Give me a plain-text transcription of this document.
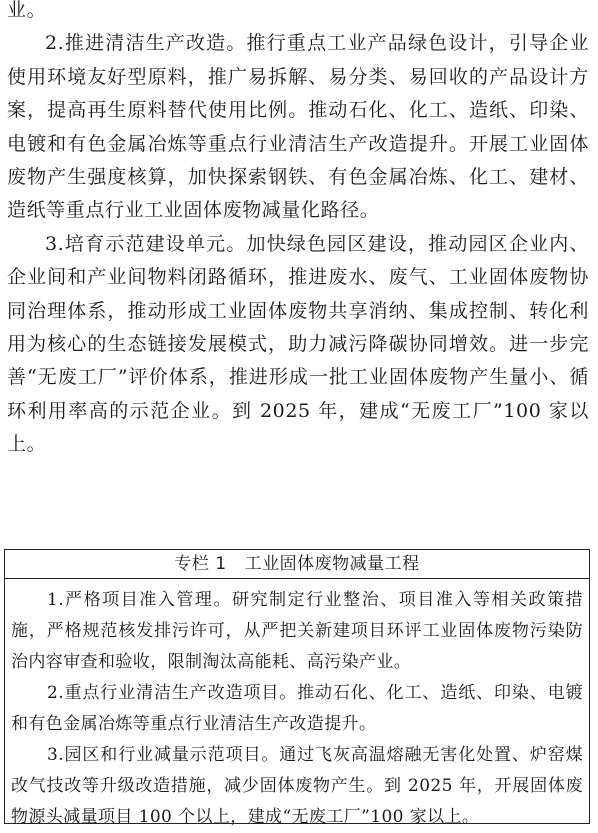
业。

2.推进清洁生产改造。推行重点工业产品绿色设计，引导企业使用环境友好型原料，推广易拆解、易分类、易回收的产品设计方案，提高再生原料替代使用比例。推动石化、化工、造纸、印染、电镀和有色金属冶炼等重点行业清洁生产改造提升。开展工业固体废物产生强度核算，加快探索钢铁、有色金属冶炼、化工、建材、造纸等重点行业工业固体废物减量化路径。

3.培育示范建设单元。加快绿色园区建设，推动园区企业内、企业间和产业间物料闭路循环，推进废水、废气、工业固体废物协同治理体系，推动形成工业固体废物共享消纳、集成控制、转化利用为核心的生态链接发展模式，助力减污降碳协同增效。进一步完善“无废工厂”评价体系，推进形成一批工业固体废物产生量小、循环利用率高的示范企业。到 2025 年，建成“无废工厂”100 家以上。

专栏 1 工业固体废物减量工程

1.严格项目准入管理。研究制定行业整治、项目准入等相关政策措施，严格规范核发排污许可，从严把关新建项目环评工业固体废物污染防治内容审查和验收，限制淘汰高能耗、高污染产业。

2.重点行业清洁生产改造项目。推动石化、化工、造纸、印染、电镀和有色金属冶炼等重点行业清洁生产改造提升。

3.园区和行业减量示范项目。通过飞灰高温熔融无害化处置、炉窑煤改气技改等升级改造措施，减少固体废物产生。到 2025 年，开展固体废物源头减量项目 100 个以上，建成“无废工厂”100 家以上。
